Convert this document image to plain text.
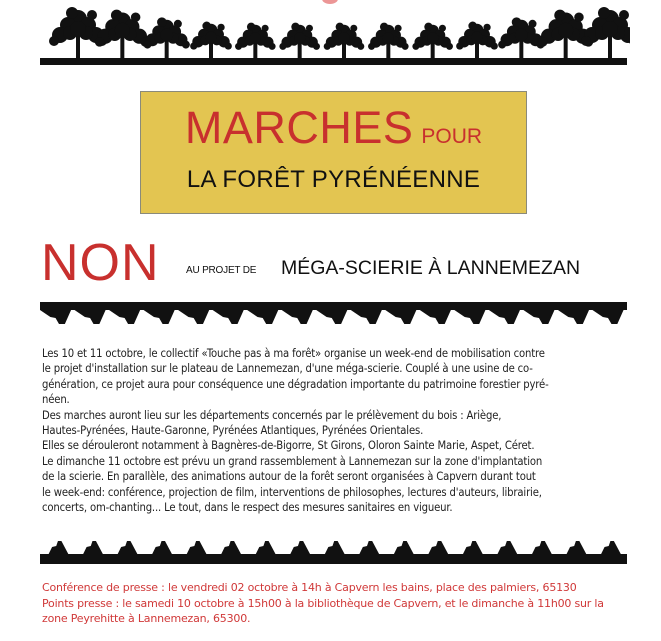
MARCHES POUR
LA FORÊT PYRÉNÉENNE
NON	AU PROJET DE MÉGA-SCIERIE À LANNEMEZAN

Les 10 et 11 octobre, le collectif «Touche pas à ma forêt» organise un week-end de mobilisation contre

le projet d'installation sur le plateau de Lannemezan, d'une méga-scierie. Couplé à une usine de co-

génération, ce projet aura pour conséquence une dégradation importante du patrimoine forestier pyré-

néen.

Des marches auront lieu sur les départements concernés par le prélèvement du bois : Ariège,

Hautes-Pyrénées, Haute-Garonne, Pyrénées Atlantiques, Pyrénées Orientales.

Elles se dérouleront notamment à Bagnères-de-Bigorre, St Girons, Oloron Sainte Marie, Aspet, Céret.

Le dimanche 11 octobre est prévu un grand rassemblement à Lannemezan sur la zone d'implantation

de la scierie. En parallèle, des animations autour de la forêt seront organisées à Capvern durant tout

le week-end: conférence, projection de film, interventions de philosophes, lectures d'auteurs, librairie,

concerts, om-chanting... Le tout, dans le respect des mesures sanitaires en vigueur.

Conférence de presse : le vendredi 02 octobre à 14h à Capvern les bains, place des palmiers, 65130

Points presse : le samedi 10 octobre à 15h00 à la bibliothèque de Capvern, et le dimanche à 11h00 sur la

zone Peyrehitte à Lannemezan, 65300.
